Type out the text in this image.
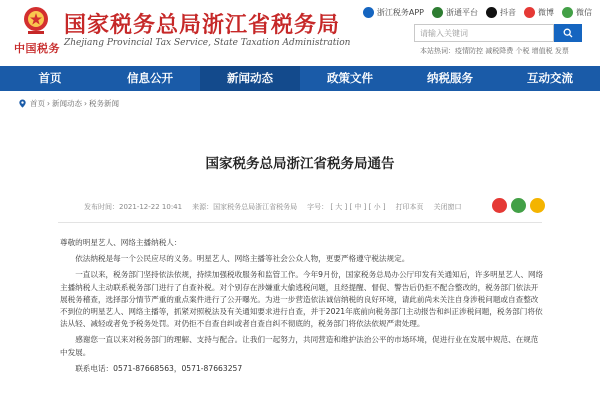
中国税务
国家税务总局浙江省税务局
Zhejiang Provincial Tax Service, State Taxation Administration
浙江税务APP	浙通平台	抖音	微博	微信
请输入关键词
本站热词：疫情防控 减税降费 个税 增值税 发票
首页	信息公开	新闻动态	政策文件	纳税服务	互动交流
首页 › 新闻动态 › 税务新闻
国家税务总局浙江省税务局通告
发布时间：2021-12-22 10:41 来源：国家税务总局浙江省税务局 字号： [ 大 ] [ 中 ] [ 小 ] 打印本页 关闭窗口

尊敬的明星艺人、网络主播纳税人：

依法纳税是每一个公民应尽的义务。明星艺人、网络主播等社会公众人物，更要严格遵守税法规定。

一直以来，税务部门坚持依法依规，持续加强税收服务和监管工作。今年9月份，国家税务总局办公厅印发有关通知后，许多明星艺人、网络主播纳税人主动联系税务部门进行了自查补税。对个别存在涉嫌重大偷逃税问题，且经提醒、督促、警告后仍拒不配合整改的，税务部门依法开展税务稽查，选择部分情节严重的重点案件进行了公开曝光。为进一步营造依法诚信纳税的良好环境，请此前尚未关注自身涉税问题或自查整改不到位的明星艺人、网络主播等，抓紧对照税法及有关通知要求进行自查，并于2021年底前向税务部门主动报告和纠正涉税问题，税务部门将依法从轻、减轻或者免予税务处罚。对仍拒不自查自纠或者自查自纠不彻底的，税务部门将依法依规严肃处理。

感谢您一直以来对税务部门的理解、支持与配合。让我们一起努力，共同营造和维护法治公平的市场环境，促进行业在发展中规范、在规范中发展。

联系电话：0571-87668563，0571-87663257
